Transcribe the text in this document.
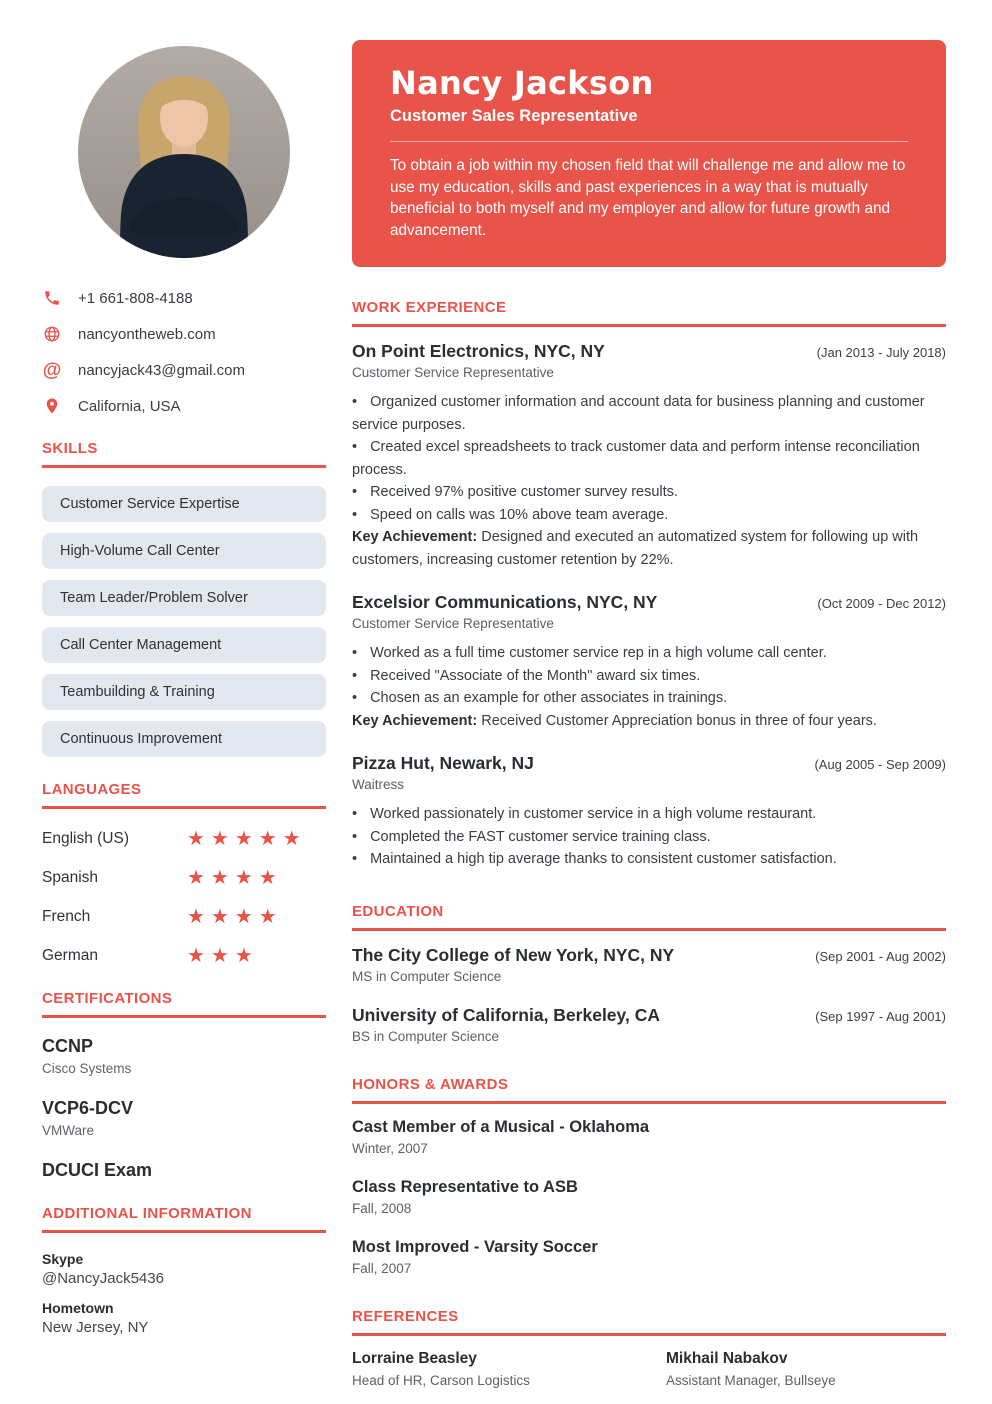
+1 661-808-4188
nancyontheweb.com
@ nancyjack43@gmail.com
California, USA
SKILLS
Customer Service Expertise
High-Volume Call Center
Team Leader/Problem Solver
Call Center Management
Teambuilding & Training
Continuous Improvement
LANGUAGES
English (US)	★★★★★
Spanish	★★★★
French	★★★★
German	★★★
CERTIFICATIONS
CCNP
Cisco Systems
VCP6-DCV
VMWare
DCUCI Exam
ADDITIONAL INFORMATION
Skype
@NancyJack5436
Hometown
New Jersey, NY
Nancy Jackson
Customer Sales Representative
To obtain a job within my chosen field that will challenge me and allow me to use my education, skills and past experiences in a way that is mutually beneficial to both myself and my employer and allow for future growth and advancement.
WORK EXPERIENCE
On Point Electronics, NYC, NY	(Jan 2013 - July 2018)
Customer Service Representative

• Organized customer information and account data for business planning and customer service purposes.

• Created excel spreadsheets to track customer data and perform intense reconciliation process.

• Received 97% positive customer survey results.

• Speed on calls was 10% above team average.

Key Achievement: Designed and executed an automatized system for following up with customers, increasing customer retention by 22%.

Excelsior Communications, NYC, NY	(Oct 2009 - Dec 2012)
Customer Service Representative

• Worked as a full time customer service rep in a high volume call center.

• Received "Associate of the Month" award six times.

• Chosen as an example for other associates in trainings.

Key Achievement: Received Customer Appreciation bonus in three of four years.

Pizza Hut, Newark, NJ	(Aug 2005 - Sep 2009)
Waitress

• Worked passionately in customer service in a high volume restaurant.

• Completed the FAST customer service training class.

• Maintained a high tip average thanks to consistent customer satisfaction.

EDUCATION
The City College of New York, NYC, NY	(Sep 2001 - Aug 2002)
MS in Computer Science
University of California, Berkeley, CA	(Sep 1997 - Aug 2001)
BS in Computer Science
HONORS & AWARDS
Cast Member of a Musical - Oklahoma
Winter, 2007
Class Representative to ASB
Fall, 2008
Most Improved - Varsity Soccer
Fall, 2007
REFERENCES
Lorraine Beasley
Head of HR, Carson Logistics
Mikhail Nabakov
Assistant Manager, Bullseye
